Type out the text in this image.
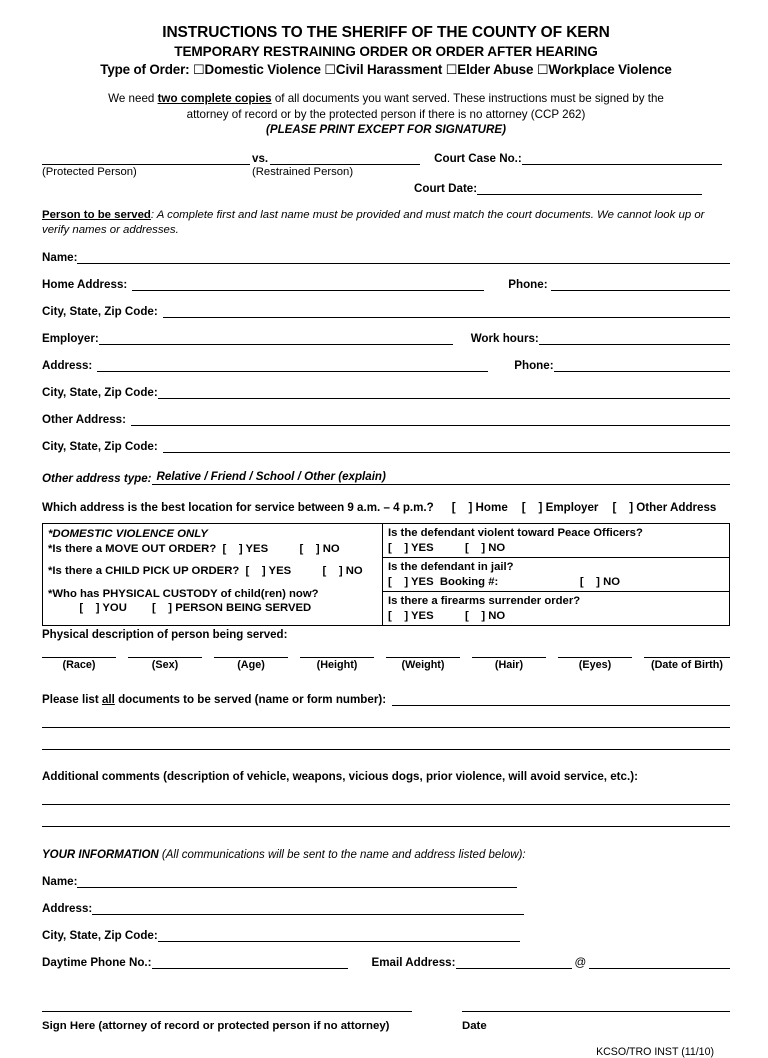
INSTRUCTIONS TO THE SHERIFF OF THE COUNTY OF KERN
TEMPORARY RESTRAINING ORDER OR ORDER AFTER HEARING
Type of Order: ☐Domestic Violence ☐Civil Harassment ☐Elder Abuse ☐Workplace Violence
We need two complete copies of all documents you want served. These instructions must be signed by the
attorney of record or by the protected person if there is no attorney (CCP 262)
(PLEASE PRINT EXCEPT FOR SIGNATURE)
vs.	Court Case No.:
(Protected Person)	(Restrained Person)
Court Date:
Person to be served: A complete first and last name must be provided and must match the court documents. We cannot look up or verify names or addresses.
Name:
Home Address:	Phone:
City, State, Zip Code:
Employer:	Work hours:
Address:	Phone:
City, State, Zip Code:
Other Address:
City, State, Zip Code:
Other address type: Relative / Friend / School / Other (explain)
Which address is the best location for service between 9 a.m. – 4 p.m.? [    ] Home [    ] Employer [    ] Other Address
*DOMESTIC VIOLENCE ONLY
*Is there a MOVE OUT ORDER?  [    ] YES          [    ] NO
*Is there a CHILD PICK UP ORDER?  [    ] YES          [    ] NO
*Who has PHYSICAL CUSTODY of child(ren) now?
[    ] YOU        [    ] PERSON BEING SERVED
Is the defendant violent toward Peace Officers?
[    ] YES          [    ] NO
Is the defendant in jail?
[    ] YES  Booking #:                          [    ] NO
Is there a firearms surrender order?
[    ] YES          [    ] NO
Physical description of person being served:
(Race)	(Sex)	(Age)	(Height)	(Weight)	(Hair)	(Eyes)	(Date of Birth)
Please list all documents to be served (name or form number):
Additional comments (description of vehicle, weapons, vicious dogs, prior violence, will avoid service, etc.):
YOUR INFORMATION (All communications will be sent to the name and address listed below):
Name:
Address:
City, State, Zip Code:
Daytime Phone No.:	Email Address:	@
Sign Here (attorney of record or protected person if no attorney)	Date
KCSO/TRO INST (11/10)
